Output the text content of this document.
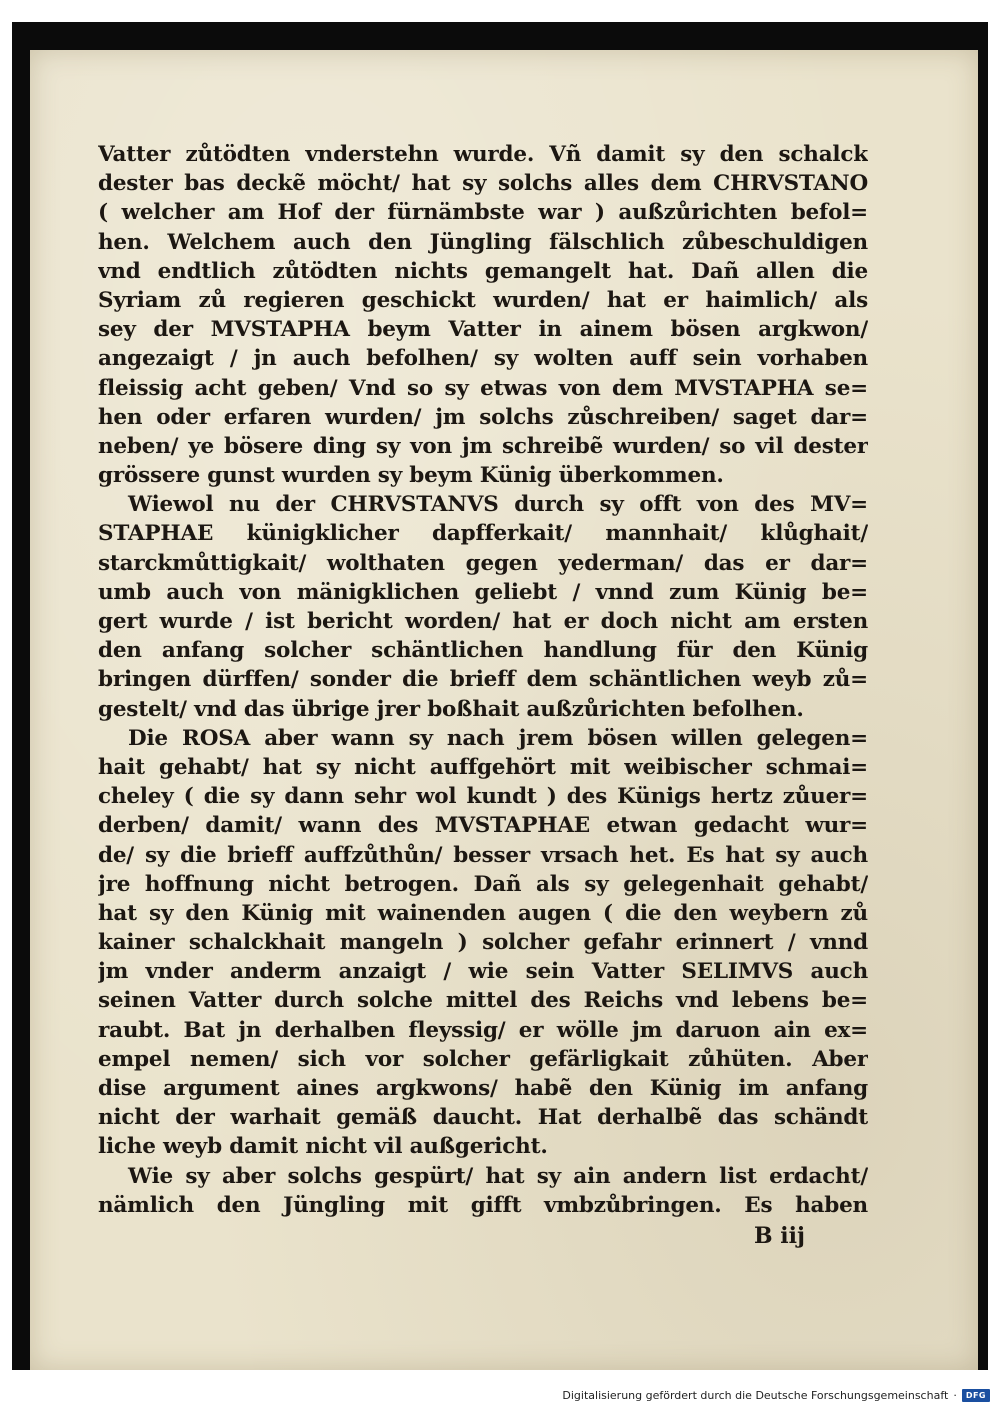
Vatter zůtödten vnderstehn wurde. Vñ damit sy den schalck
dester bas deckẽ möcht/ hat sy solchs alles dem CHRVSTANO
( welcher am Hof der fürnämbste war ) außzůrichten befol=
hen. Welchem auch den Jüngling fälschlich zůbeschuldigen
vnd endtlich zůtödten nichts gemangelt hat. Dañ allen die
Syriam zů regieren geschickt wurden/ hat er haimlich/ als
sey der MVSTAPHA beym Vatter in ainem bösen argkwon/
angezaigt / jn auch befolhen/ sy wolten auff sein vorhaben
fleissig acht geben/ Vnd so sy etwas von dem MVSTAPHA se=
hen oder erfaren wurden/ jm solchs zůschreiben/ saget dar=
neben/ ye bösere ding sy von jm schreibẽ wurden/ so vil dester
grössere gunst wurden sy beym Künig überkommen.
Wiewol nu der CHRVSTANVS durch sy offt von des MV=
STAPHAE künigklicher dapfferkait/ mannhait/ klůghait/
starckmůttigkait/ wolthaten gegen yederman/ das er dar=
umb auch von mänigklichen geliebt / vnnd zum Künig be=
gert wurde / ist bericht worden/ hat er doch nicht am ersten
den anfang solcher schäntlichen handlung für den Künig
bringen dürffen/ sonder die brieff dem schäntlichen weyb zů=
gestelt/ vnd das übrige jrer boßhait außzůrichten befolhen.
Die ROSA aber wann sy nach jrem bösen willen gelegen=
hait gehabt/ hat sy nicht auffgehört mit weibischer schmai=
cheley ( die sy dann sehr wol kundt ) des Künigs hertz zůuer=
derben/ damit/ wann des MVSTAPHAE etwan gedacht wur=
de/ sy die brieff auffzůthůn/ besser vrsach het. Es hat sy auch
jre hoffnung nicht betrogen. Dañ als sy gelegenhait gehabt/
hat sy den Künig mit wainenden augen ( die den weybern zů
kainer schalckhait mangeln ) solcher gefahr erinnert / vnnd
jm vnder anderm anzaigt / wie sein Vatter SELIMVS auch
seinen Vatter durch solche mittel des Reichs vnd lebens be=
raubt. Bat jn derhalben fleyssig/ er wölle jm daruon ain ex=
empel nemen/ sich vor solcher gefärligkait zůhüten. Aber
dise argument aines argkwons/ habẽ den Künig im anfang
nicht der warhait gemäß daucht. Hat derhalbẽ das schändt
liche weyb damit nicht vil außgericht.
Wie sy aber solchs gespürt/ hat sy ain andern list erdacht/
nämlich den Jüngling mit gifft vmbzůbringen. Es haben
B iij
Digitalisierung gefördert durch die Deutsche Forschungsgemeinschaft ·	DFG
